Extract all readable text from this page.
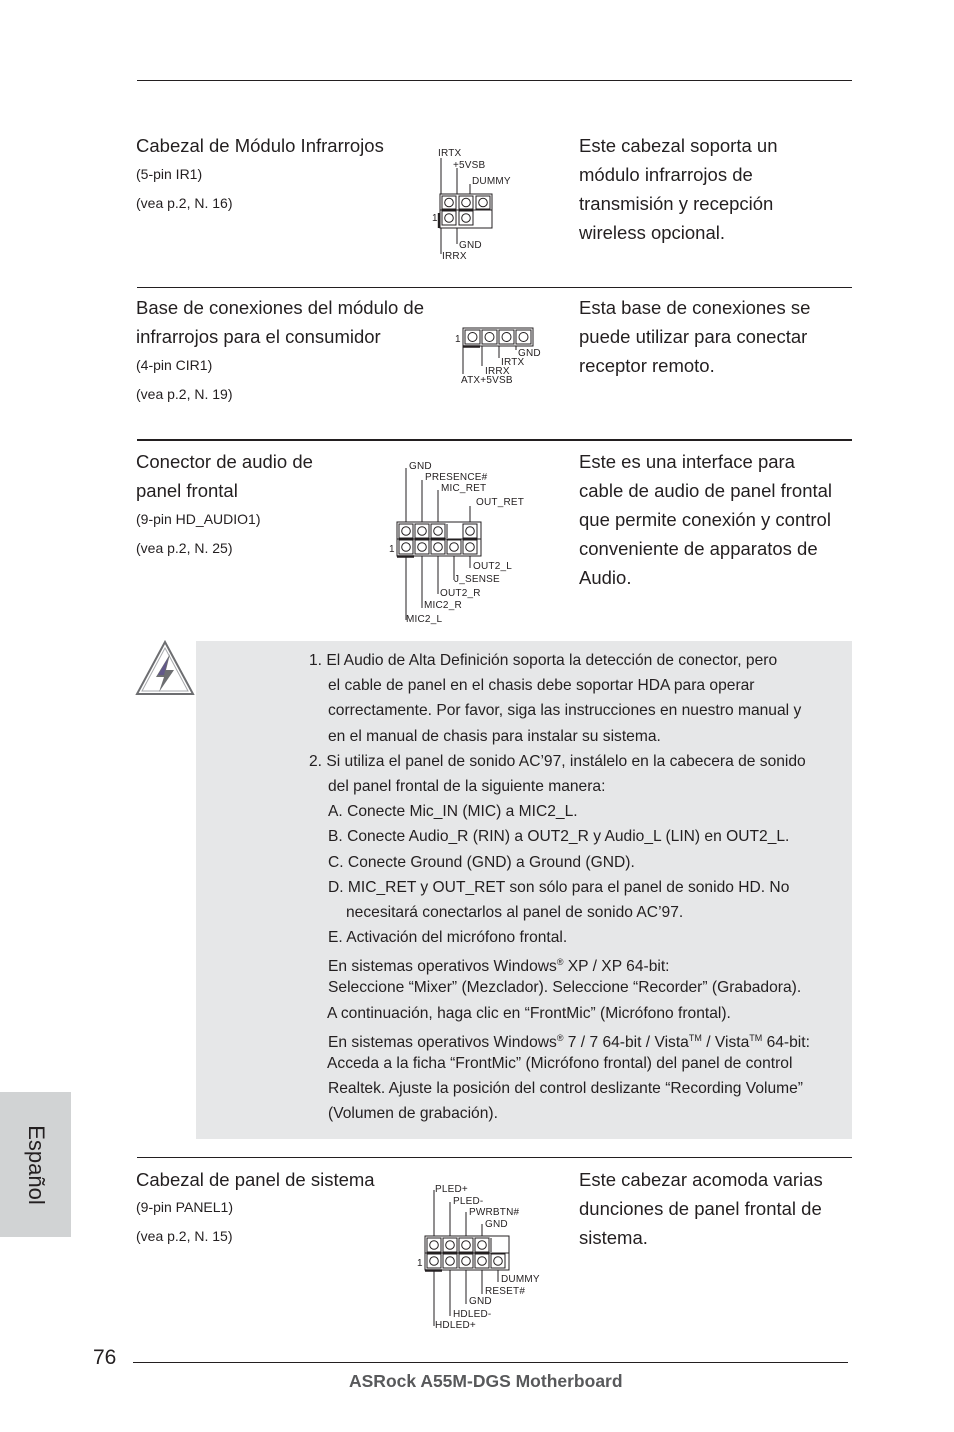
Cabezal de Módulo Infrarrojos
(5-pin IR1)
(vea p.2, N. 16)
IRTX
+5VSB
DUMMY
1
GND
IRRX
Este cabezal soporta un
módulo infrarrojos de
transmisión y recepción
wireless opcional.
Base de conexiones del módulo de
infrarrojos para el consumidor
(4-pin CIR1)
(vea p.2, N. 19)
1
GND
IRTX
IRRX
ATX+5VSB
Esta base de conexiones se
puede utilizar para conectar
receptor remoto.
Conector de audio de
panel frontal
(9-pin HD_AUDIO1)
(vea p.2, N. 25)
GND
PRESENCE#
MIC_RET
OUT_RET
1
OUT2_L
J_SENSE
OUT2_R
MIC2_R
MIC2_L
Este es una interface para
cable de audio de panel frontal
que permite conexión y control
conveniente de apparatos de
Audio.
1. El Audio de Alta Definición soporta la detección de conector, pero
el cable de panel en el chasis debe soportar HDA para operar
correctamente. Por favor, siga las instrucciones en nuestro manual y
en el manual de chasis para instalar su sistema.
2. Si utiliza el panel de sonido AC’97, instálelo en la cabecera de sonido
del panel frontal de la siguiente manera:
A. Conecte Mic_IN (MIC) a MIC2_L.
B. Conecte Audio_R (RIN) a OUT2_R y Audio_L (LIN) en OUT2_L.
C. Conecte Ground (GND) a Ground (GND).
D. MIC_RET y OUT_RET son sólo para el panel de sonido HD. No
necesitará conectarlos al panel de sonido AC’97.
E. Activación del micrófono frontal.
En sistemas operativos Windows® XP / XP 64-bit:
Seleccione “Mixer” (Mezclador). Seleccione “Recorder” (Grabadora).
A continuación, haga clic en “FrontMic” (Micrófono frontal).
En sistemas operativos Windows® 7 / 7 64-bit / Vista™ / Vista™ 64-bit:
Acceda a la ficha “FrontMic” (Micrófono frontal) del panel de control
Realtek. Ajuste la posición del control deslizante “Recording Volume”
(Volumen de grabación).
Cabezal de panel de sistema
(9-pin PANEL1)
(vea p.2, N. 15)
PLED+
PLED-
PWRBTN#
GND
1
DUMMY
RESET#
GND
HDLED-
HDLED+
Este cabezar acomoda varias
dunciones de panel frontal de
sistema.
Español
76
ASRock A55M-DGS Motherboard
